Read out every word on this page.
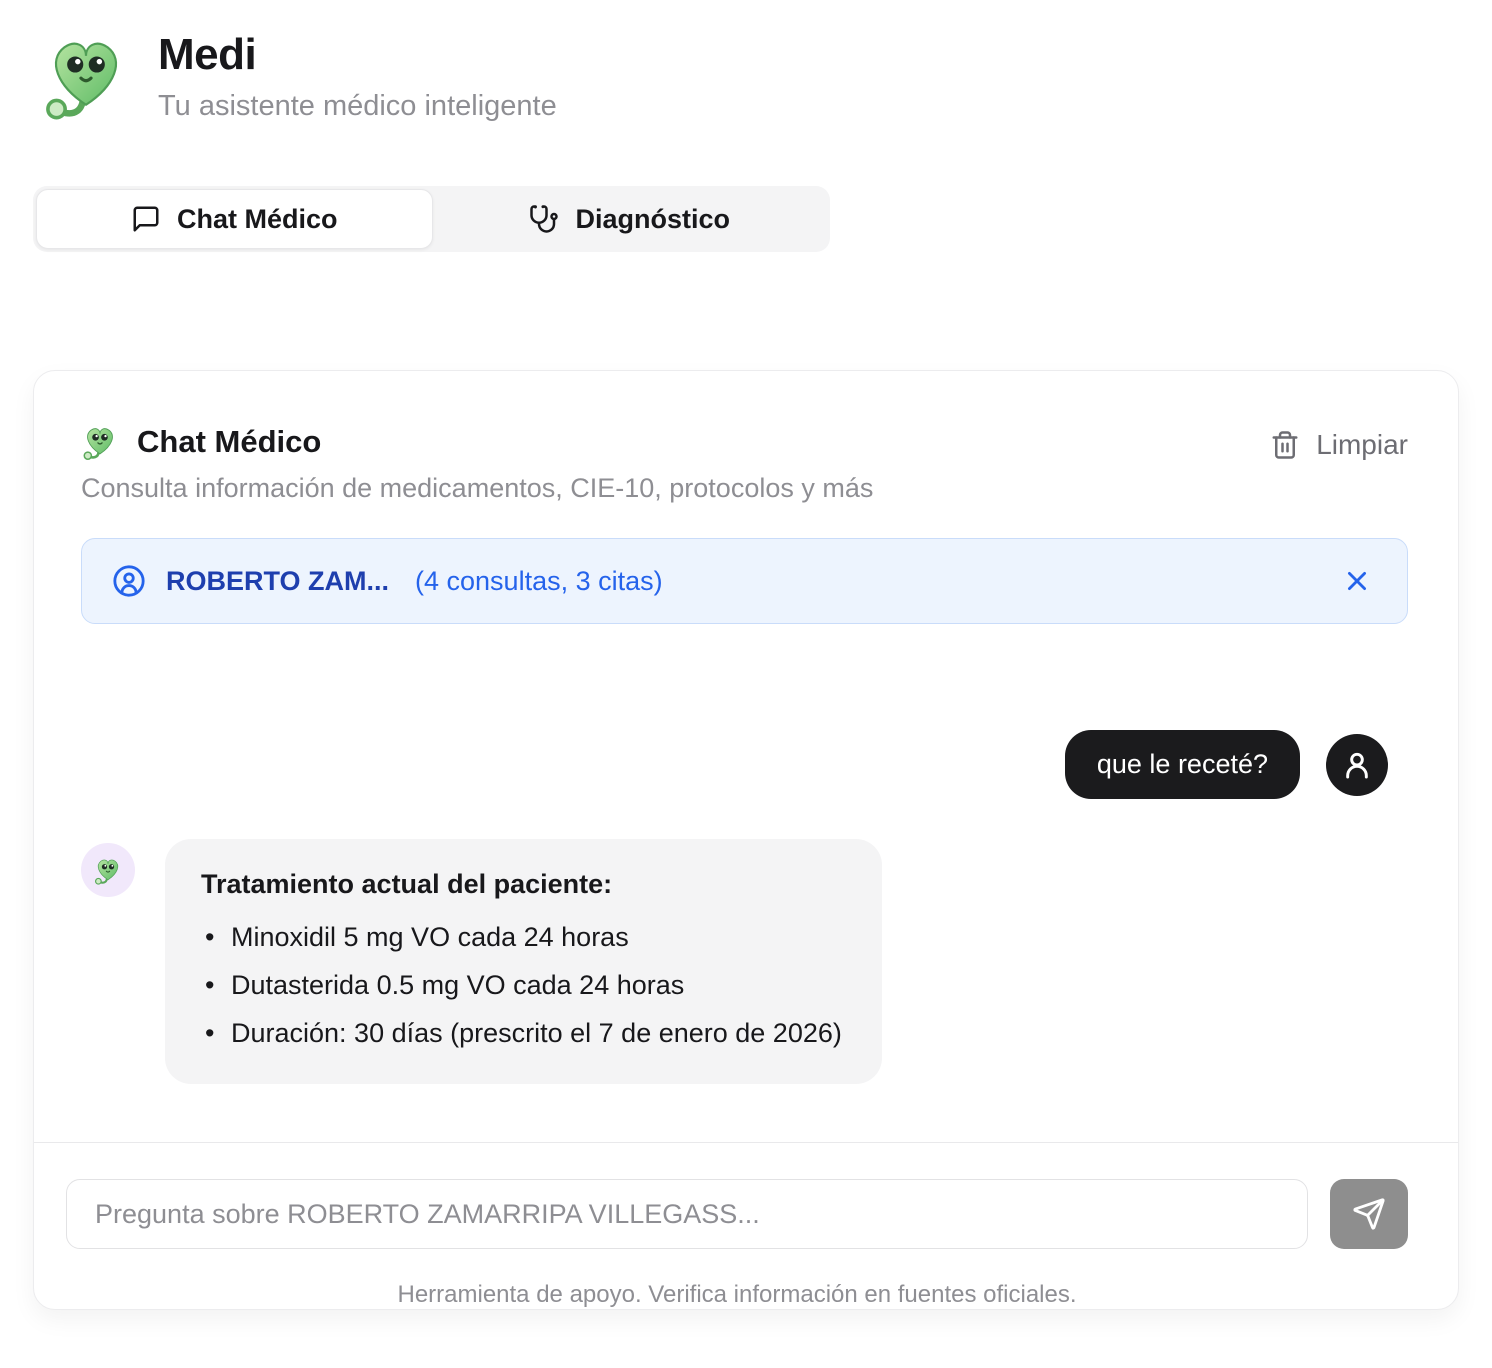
Medi
Tu asistente médico inteligente
Chat Médico	Diagnóstico
Chat Médico
Consulta información de medicamentos, CIE-10, protocolos y más
Limpiar
ROBERTO ZAM... (4 consultas, 3 citas)
que le receté?
Tratamiento actual del paciente:
• Minoxidil 5 mg VO cada 24 horas
• Dutasterida 0.5 mg VO cada 24 horas
• Duración: 30 días (prescrito el 7 de enero de 2026)
Pregunta sobre ROBERTO ZAMARRIPA VILLEGASS...
Herramienta de apoyo. Verifica información en fuentes oficiales.
